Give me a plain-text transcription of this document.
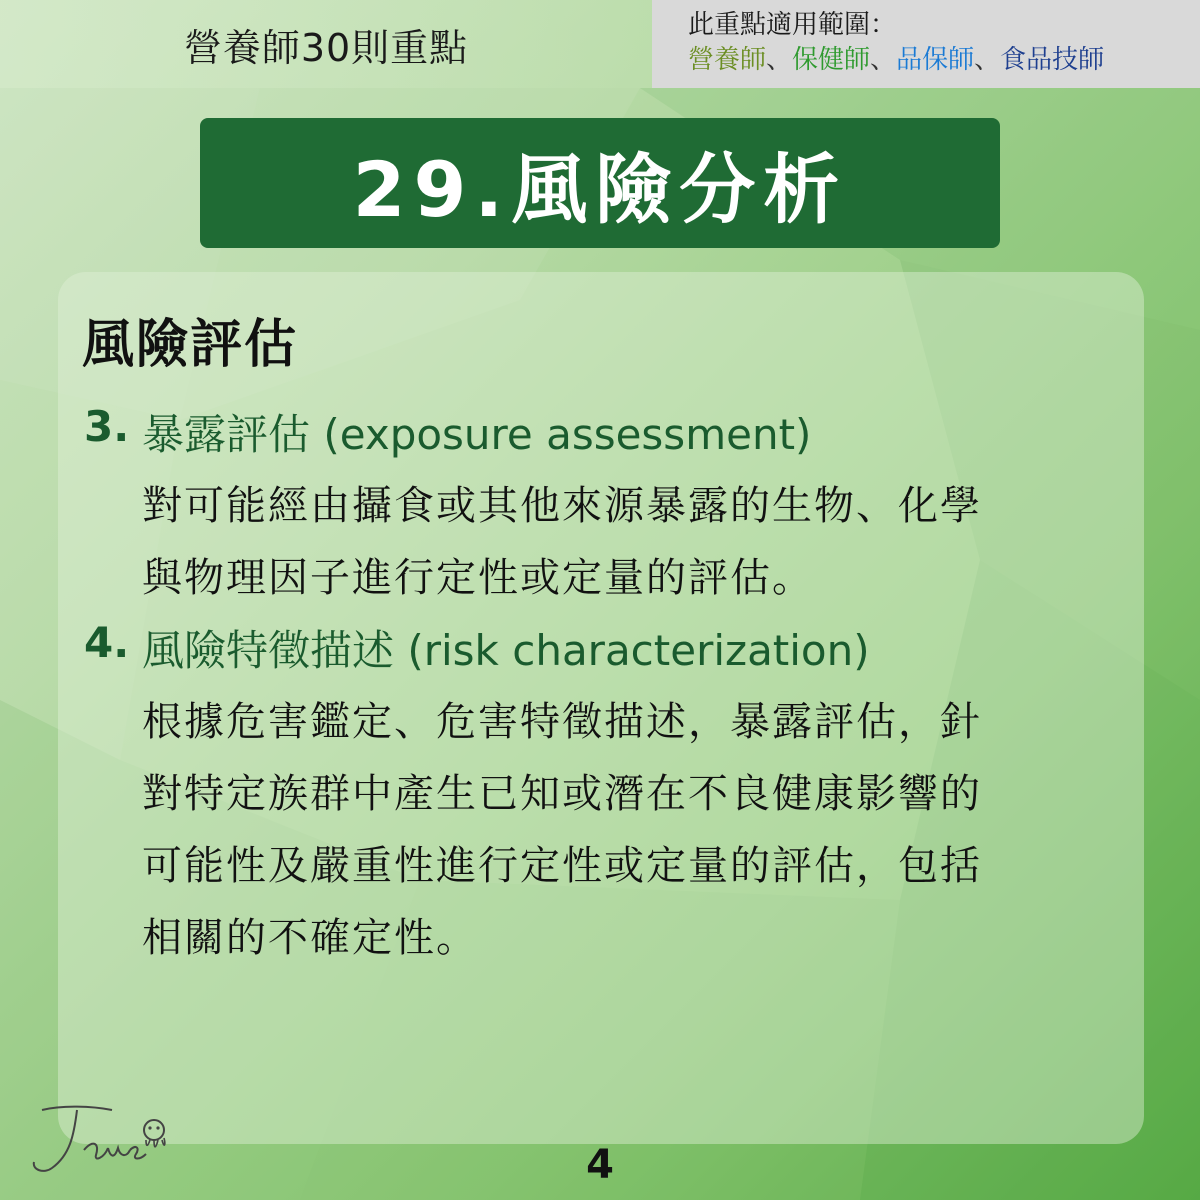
營養師30則重點
此重點適用範圍：
營養師、保健師、品保師、食品技師
29.風險分析
風險評估
3. 暴露評估 (exposure assessment)
對可能經由攝食或其他來源暴露的生物、化學
與物理因子進行定性或定量的評估。
4. 風險特徵描述 (risk characterization)
根據危害鑑定、危害特徵描述，暴露評估，針
對特定族群中產生已知或潛在不良健康影響的
可能性及嚴重性進行定性或定量的評估，包括
相關的不確定性。
4
